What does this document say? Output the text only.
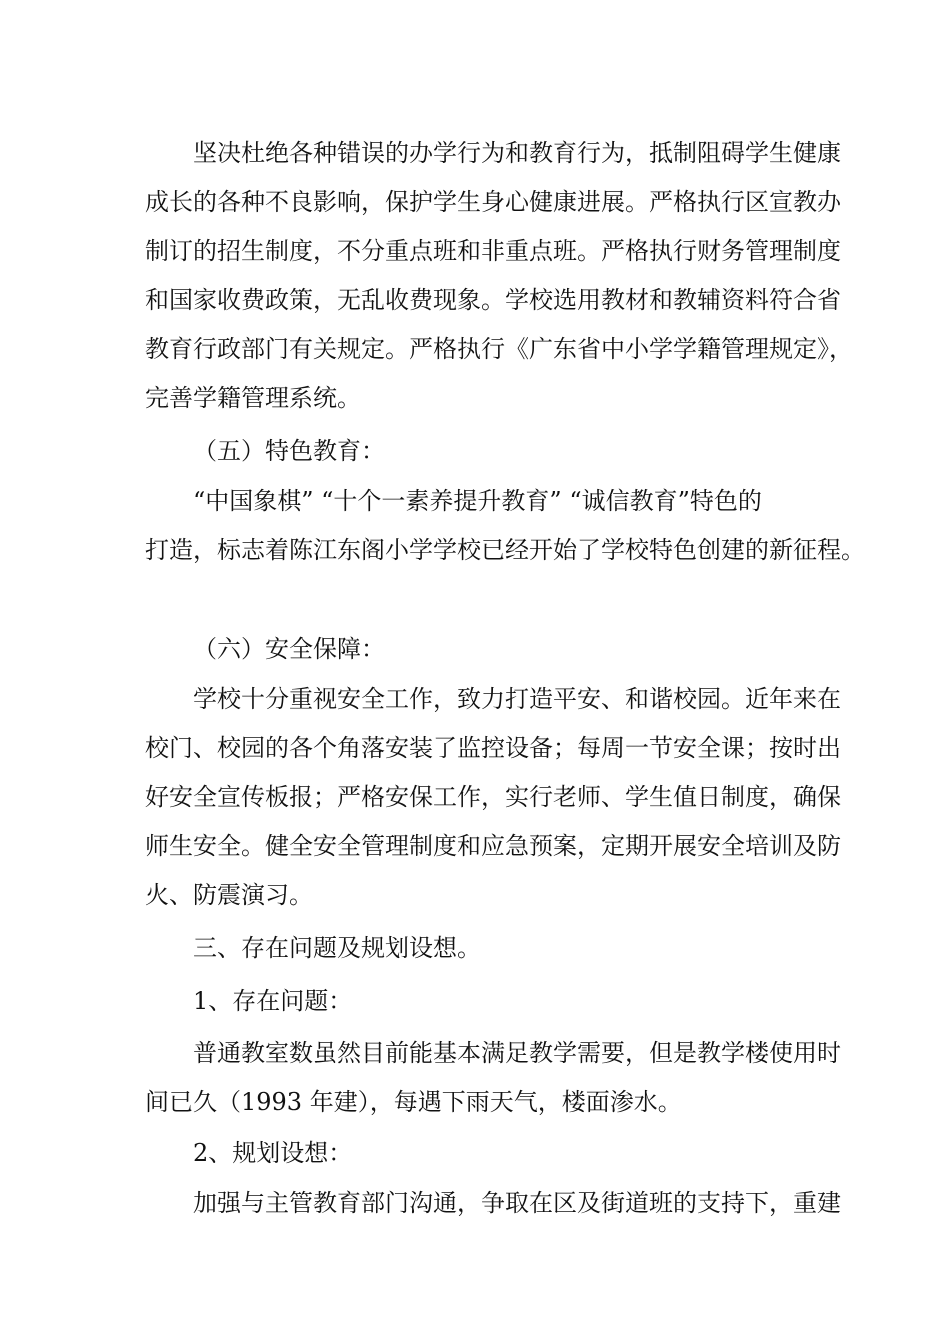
坚决杜绝各种错误的办学行为和教育行为，抵制阻碍学生健康
成长的各种不良影响，保护学生身心健康进展。严格执行区宣教办
制订的招生制度，不分重点班和非重点班。严格执行财务管理制度
和国家收费政策，无乱收费现象。学校选用教材和教辅资料符合省
教育行政部门有关规定。严格执行《广东省中小学学籍管理规定》，
完善学籍管理系统。
（五）特色教育：
“中国象棋” “十个一素养提升教育” “诚信教育”特色的
打造，标志着陈江东阁小学学校已经开始了学校特色创建的新征程。
（六）安全保障：
学校十分重视安全工作，致力打造平安、和谐校园。近年来在
校门、校园的各个角落安装了监控设备；每周一节安全课；按时出
好安全宣传板报；严格安保工作，实行老师、学生值日制度，确保
师生安全。健全安全管理制度和应急预案，定期开展安全培训及防
火、防震演习。
三、存在问题及规划设想。
1、存在问题：
普通教室数虽然目前能基本满足教学需要，但是教学楼使用时
间已久（1993 年建），每遇下雨天气，楼面渗水。
2、规划设想：
加强与主管教育部门沟通，争取在区及街道班的支持下，重建
